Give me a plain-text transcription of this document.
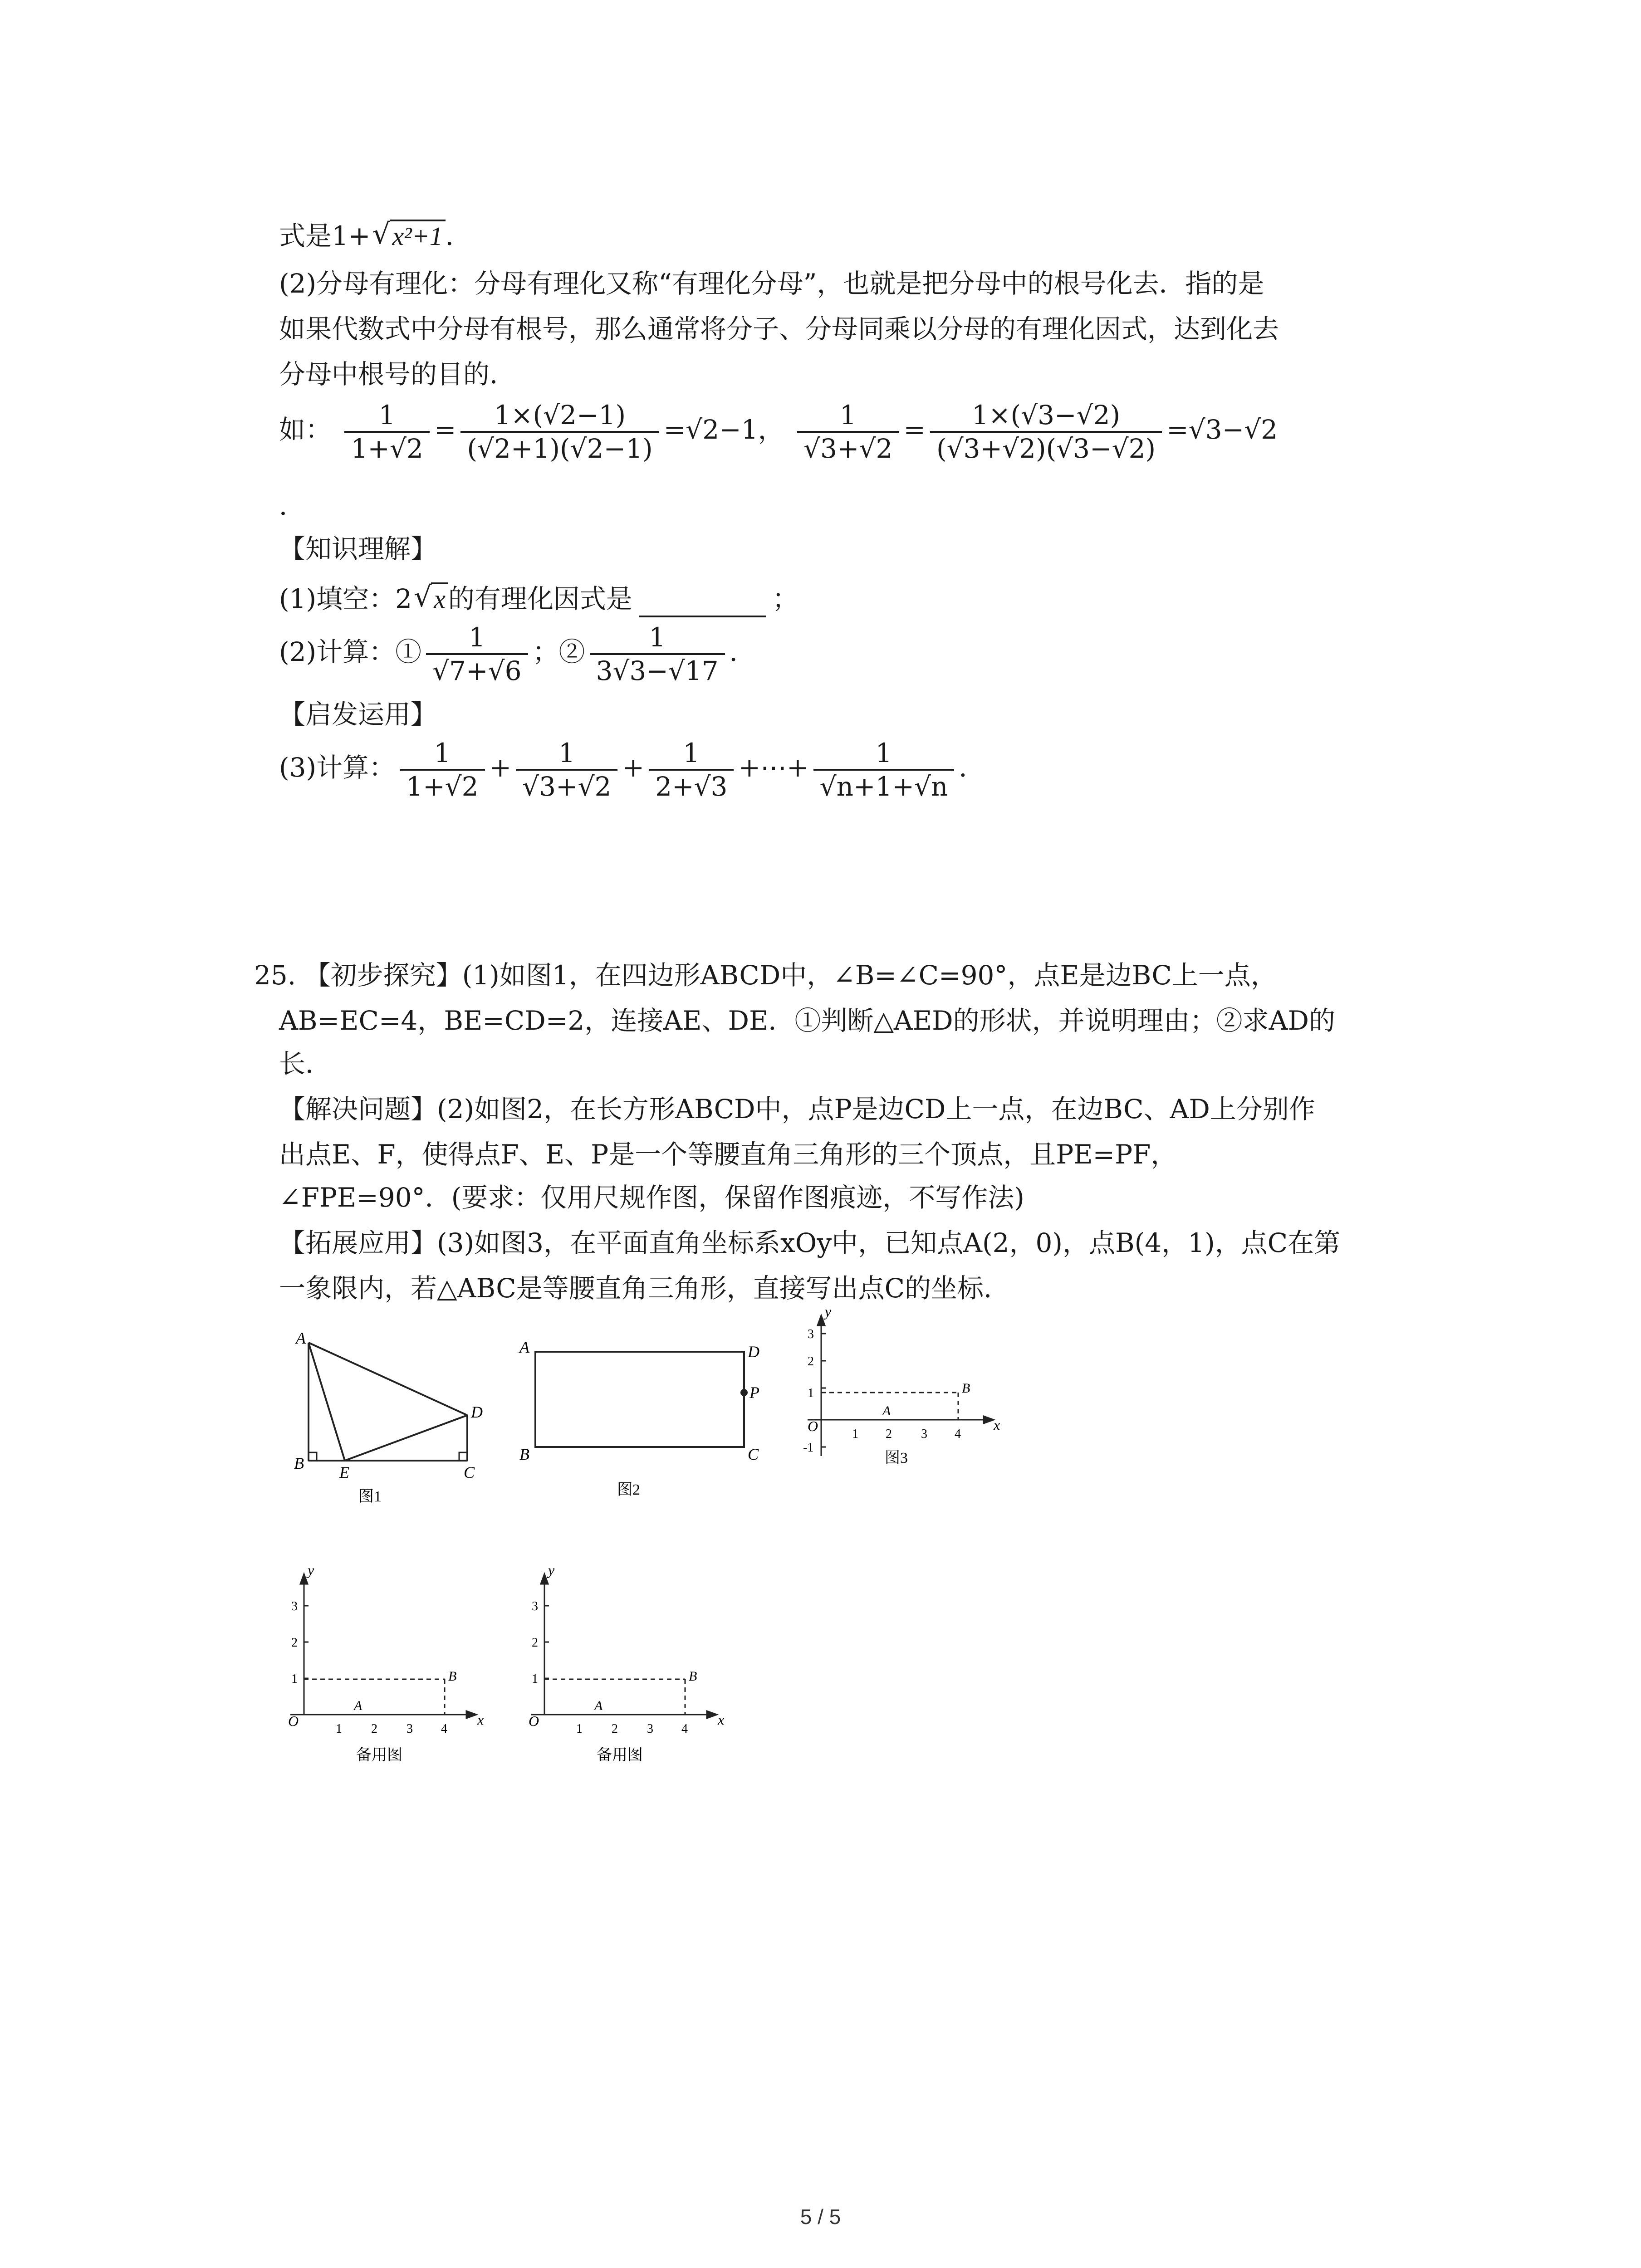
式是1+ √ x²+1 ．
(2)分母有理化：分母有理化又称“有理化分母”，也就是把分母中的根号化去．指的是
如果代数式中分母有根号，那么通常将分子、分母同乘以分母的有理化因式，达到化去
分母中根号的目的．
如： $\frac{1}{1+√2} = \frac{1\times(√2-1)}{(√2+1)(√2-1)} =√2-1$， $\frac{1}{√3+√2} = \frac{1\times(√3-√2)}{(√3+√2)(√3-√2)} =√3-√2$
．
【知识理解】
(1)填空：2 √ x 的有理化因式是	；
(2)计算：① $\frac{1}{√7+√6}$ ；② $\frac{1}{3√3-√17}$ ．
【启发运用】
(3)计算： $\frac{1}{1+√2} + \frac{1}{√3+√2} + \frac{1}{2+√3}$ +⋯+ $\frac{1}{√n+1+√n}$ ．
25. 【初步探究】(1)如图1，在四边形ABCD中，∠B=∠C=90°，点E是边BC上一点，
AB=EC=4，BE=CD=2，连接AE、DE．①判断△AED的形状，并说明理由；②求AD的
长．
【解决问题】(2)如图2，在长方形ABCD中，点P是边CD上一点，在边BC、AD上分别作
出点E、F，使得点F、E、P是一个等腰直角三角形的三个顶点，且PE=PF，
∠FPE=90°．(要求：仅用尺规作图，保留作图痕迹，不写作法)
【拓展应用】(3)如图3，在平面直角坐标系xOy中，已知点A(2，0)，点B(4，1)，点C在第
一象限内，若△ABC是等腰直角三角形，直接写出点C的坐标．
A
B E	C
D
图1
A	D
P
B	C
图2
y
x
O
3
2
1
-1
1 2 3 4
A
B
图3
y
x
O
3
2
1
1 2 3 4
A
B
备用图
y
x
O
3
2
1
1 2 3 4
A
B
备用图
5 / 5
